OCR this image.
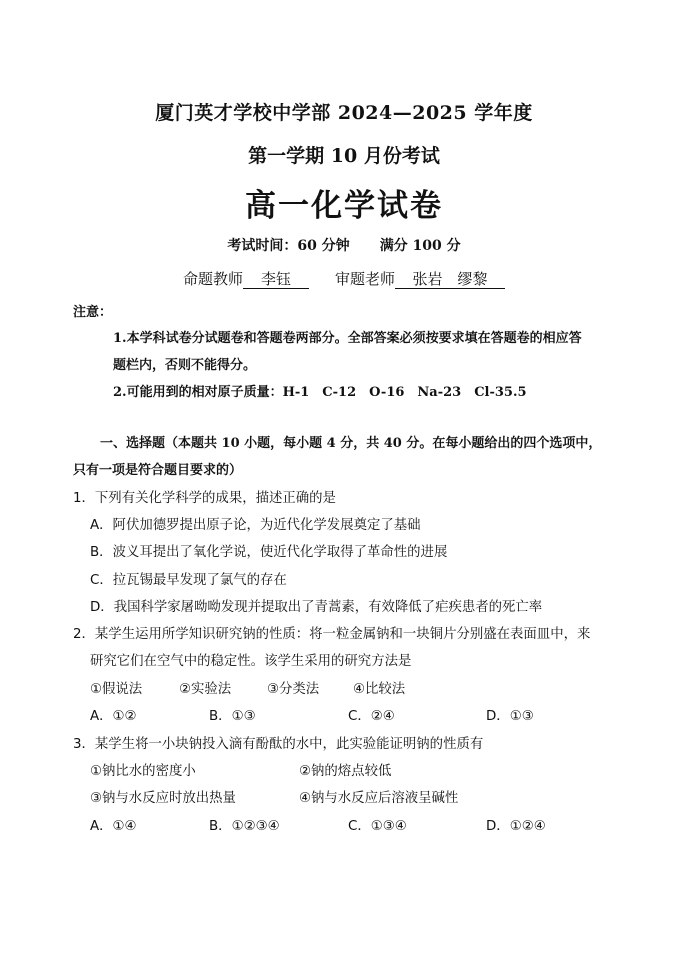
厦门英才学校中学部 2024—2025 学年度
第一学期 10 月份考试
高一化学试卷
考试时间：60 分钟 满分 100 分
命题教师 李钰	审题老师 张岩　缪黎
注意：
1.本学科试卷分试题卷和答题卷两部分。全部答案必须按要求填在答题卷的相应答
题栏内，否则不能得分。
2.可能用到的相对原子质量：H-1　C-12　O-16　Na-23　Cl-35.5
一、选择题（本题共 10 小题，每小题 4 分，共 40 分。在每小题给出的四个选项中，
只有一项是符合题目要求的）
1．下列有关化学科学的成果，描述正确的是
A．阿伏加德罗提出原子论，为近代化学发展奠定了基础
B．波义耳提出了氧化学说，使近代化学取得了革命性的进展
C．拉瓦锡最早发现了氯气的存在
D．我国科学家屠呦呦发现并提取出了青蒿素，有效降低了疟疾患者的死亡率
2．某学生运用所学知识研究钠的性质：将一粒金属钠和一块铜片分别盛在表面皿中，来
研究它们在空气中的稳定性。该学生采用的研究方法是
①假说法	②实验法	③分类法	④比较法
A．①②	B．①③	C．②④	D．①③
3．某学生将一小块钠投入滴有酚酞的水中，此实验能证明钠的性质有
①钠比水的密度小	②钠的熔点较低
③钠与水反应时放出热量	④钠与水反应后溶液呈碱性
A．①④	B．①②③④	C．①③④	D．①②④
